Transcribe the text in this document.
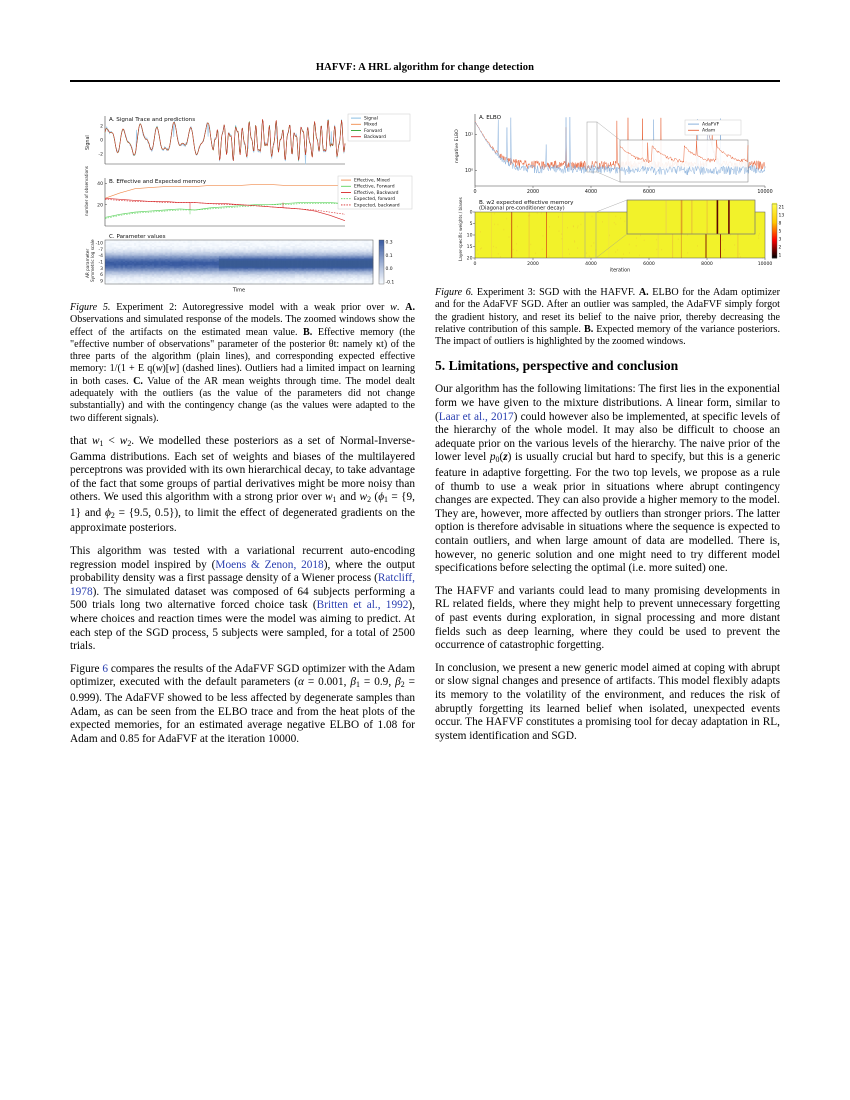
HAFVF: A HRL algorithm for change detection
A. Signal Trace and predictions
Signal
2
0
-2
Signal
Mixed
Forward
Backward
B. Effective and Expected memory
number of observations 40
20
Effective, Mixed
Effective, Forward
Effective, Backward
Expected, forward
Expected, backward
C. Parameter values
-10
-7
-4
-1
3
6
9
AR parameter Symmetric log scale
Time
0.3
0.1
0.0
-0.1

Figure 5. Experiment 2: Autoregressive model with a weak prior over w. A. Observations and simulated response of the models. The zoomed windows show the effect of the artifacts on the estimated mean value. B. Effective memory (the "effective number of observations" parameter of the posterior θt: namely κt) of the three parts of the algorithm (plain lines), and corresponding expected effective memory: 1/(1 + E q(w)[w] (dashed lines). Outliers had a limited impact on learning in both cases. C. Value of the AR mean weights through time. The model dealt adequately with the outliers (as the value of the parameters did not change substantially) and with the contingency change (as the values were adapted to the two different signals).

that $w_1 < w_2$. We modelled these posteriors as a set of Normal-Inverse-Gamma distributions. Each set of weights and biases of the multilayered perceptrons was provided with its own hierarchical decay, to take advantage of the fact that some groups of partial derivatives might be more noisy than others. We used this algorithm with a strong prior over $w_1$ and $w_2$ ($\phi_1 = \{9$, 1} and $\phi_2 = \{9.5$, 0.5}), to limit the effect of degenerated gradients on the approximate posteriors.

This algorithm was tested with a variational recurrent auto-encoding regression model inspired by (Moens & Zenon, 2018), where the output probability density was a first passage density of a Wiener process (Ratcliff, 1978). The simulated dataset was composed of 64 subjects performing a 500 trials long two alternative forced choice task (Britten et al., 1992), where choices and reaction times were the model was aiming to predict. At each step of the SGD process, 5 subjects were sampled, for a total of 2500 trials.

Figure 6 compares the results of the AdaFVF SGD optimizer with the Adam optimizer, executed with the default parameters (α = 0.001, $\beta_1 = 0.9$, $\beta_2 = 0.999$). The AdaFVF showed to be less affected by degenerate samples than Adam, as can be seen from the ELBO trace and from the heat plots of the expected memories, for an estimated average negative ELBO of 1.08 for Adam and 0.85 for AdaFVF at the iteration 10000.

A. ELBO
negative ELBO 10¹
10⁰
0	2000	4000	6000	10000
AdaFVF
Adam
B. w2 expected effective memory
(Diagonal pre-conditioner decay)
0
5
10
15
20
0	2000	4000	6000	8000	10000
iteration
Layer-specific weights / biases	21
13
8
5
3
2
1

Figure 6. Experiment 3: SGD with the HAFVF. A. ELBO for the Adam optimizer and for the AdaFVF SGD. After an outlier was sampled, the AdaFVF simply forgot the gradient history, and reset its belief to the naive prior, thereby decreasing the relative contribution of this sample. B. Expected memory of the variance posteriors. The impact of outliers is highlighted by the zoomed windows.

5. Limitations, perspective and conclusion

Our algorithm has the following limitations: The first lies in the exponential form we have given to the mixture distributions. A linear form, similar to (Laar et al., 2017) could however also be implemented, at specific levels of the hierarchy of the whole model. It may also be difficult to choose an adequate prior on the various levels of the hierarchy. The naive prior of the lower level $p_0(z)$ is usually crucial but hard to specify, but this is a generic feature in adaptive forgetting. For the two top levels, we propose as a rule of thumb to use a weak prior in situations where abrupt contingency changes are expected. They can also provide a higher memory to the model. They are, however, more affected by outliers than stronger priors. The latter option is therefore advisable in situations where the sequence is expected to contain outliers, and when large amount of data are modelled. There is, however, no generic solution and one might need to try different model specifications before selecting the optimal (i.e. more suited) one.

The HAFVF and variants could lead to many promising developments in RL related fields, where they might help to prevent unnecessary forgetting of past events during exploration, in signal processing and more distant fields such as deep learning, where they could be used to prevent the occurrence of catastrophic forgetting.

In conclusion, we present a new generic model aimed at coping with abrupt or slow signal changes and presence of artifacts. This model flexibly adapts its memory to the volatility of the environment, and reduces the risk of abruptly forgetting its learned belief when isolated, unexpected events occur. The HAFVF constitutes a promising tool for decay adaptation in RL, system identification and SGD.
